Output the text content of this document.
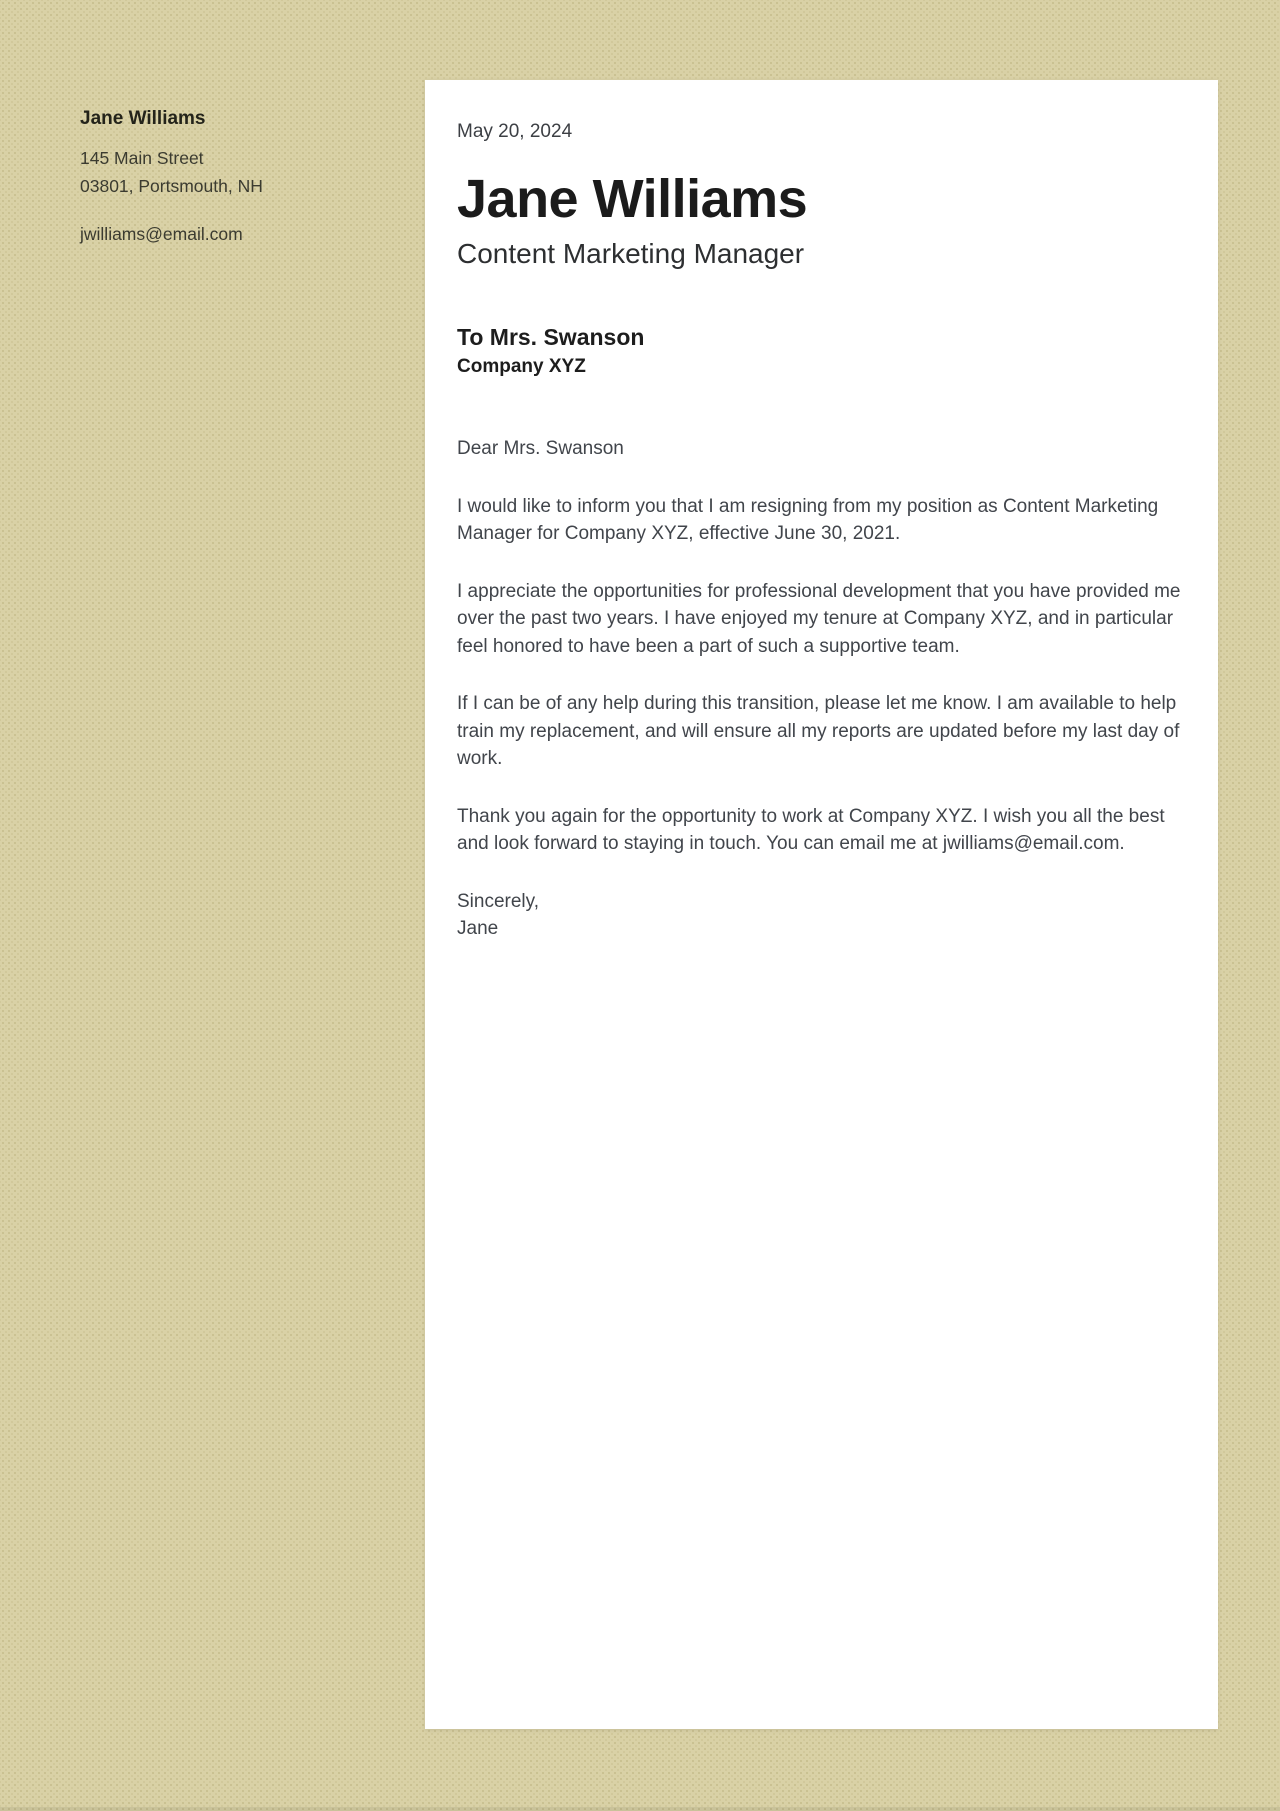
Jane Williams
145 Main Street
03801, Portsmouth, NH
jwilliams@email.com
May 20, 2024
Jane Williams
Content Marketing Manager
To Mrs. Swanson
Company XYZ
Dear Mrs. Swanson
I would like to inform you that I am resigning from my position as Content Marketing Manager for Company XYZ, effective June 30, 2021.
I appreciate the opportunities for professional development that you have provided me over the past two years. I have enjoyed my tenure at Company XYZ, and in particular feel honored to have been a part of such a supportive team.
If I can be of any help during this transition, please let me know. I am available to help train my replacement, and will ensure all my reports are updated before my last day of work.
Thank you again for the opportunity to work at Company XYZ. I wish you all the best and look forward to staying in touch. You can email me at jwilliams@email.com.
Sincerely,
Jane
